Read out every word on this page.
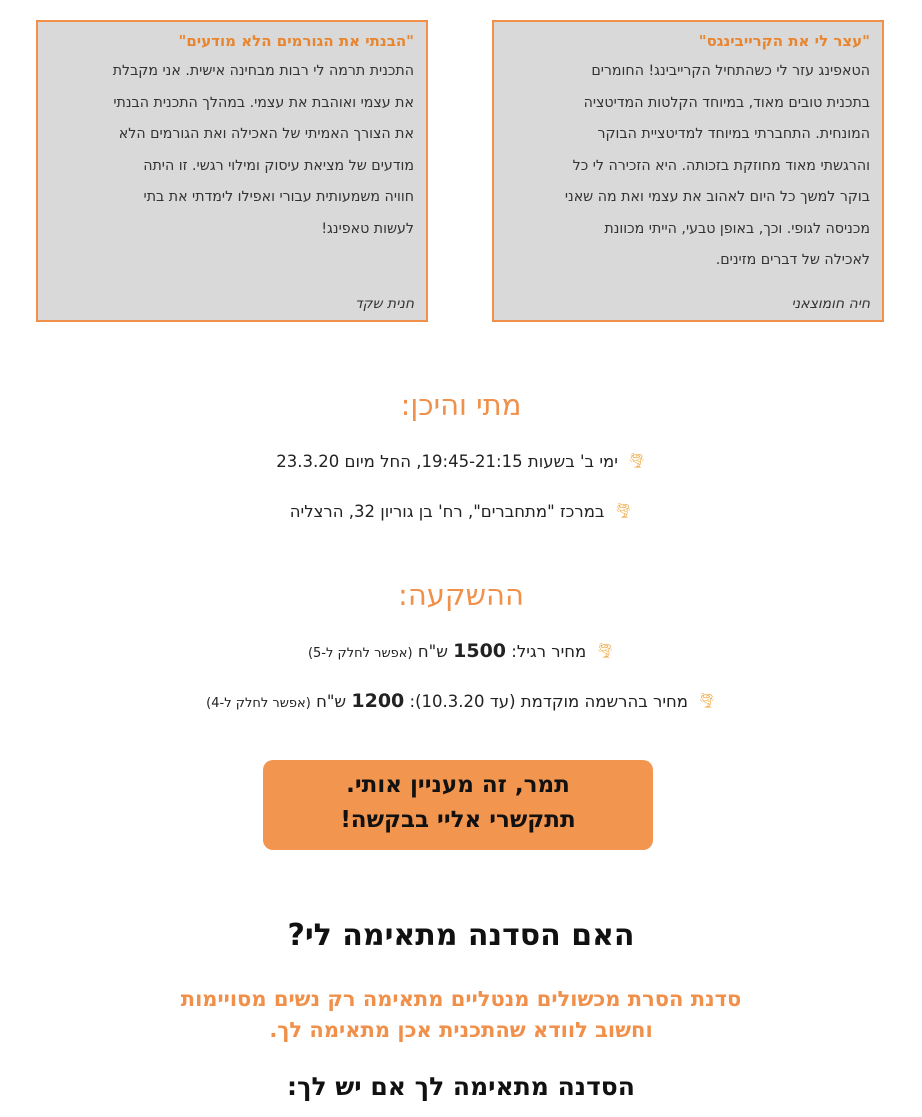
"עצר לי את הקרייבינגס"

הטאפינג עזר לי כשהתחיל הקרייבינג! החומרים
בתכנית טובים מאוד, במיוחד הקלטות המדיטציה
המונחית. התחברתי במיוחד למדיטציית הבוקר
והרגשתי מאוד מחוזקת בזכותה. היא הזכירה לי כל
בוקר למשך כל היום לאהוב את עצמי ואת מה שאני
מכניסה לגופי. וכך, באופן טבעי, הייתי מכוונת
לאכילה של דברים מזינים.

חיה חומוצאני
"הבנתי את הגורמים הלא מודעים"

התכנית תרמה לי רבות מבחינה אישית. אני מקבלת
את עצמי ואוהבת את עצמי. במהלך התכנית הבנתי
את הצורך האמיתי של האכילה ואת הגורמים הלא
מודעים של מציאת עיסוק ומילוי רגשי. זו היתה
חוויה משמעותית עבורי ואפילו לימדתי את בתי
לעשות טאפינג!

חנית שקד
מתי והיכן:
🌪ימי ב' בשעות 19:45-21:15, החל מיום 23.3.20
🌪במרכז "מתחברים", רח' בן גוריון 32, הרצליה
ההשקעה:
🌪מחיר רגיל: 1500 ש"ח (אפשר לחלק ל-5)
🌪מחיר בהרשמה מוקדמת (עד 10.3.20): 1200 ש"ח (אפשר לחלק ל-4)
תמר, זה מעניין אותי.
תתקשרי אליי בבקשה!
האם הסדנה מתאימה לי?
סדנת הסרת מכשולים מנטליים מתאימה רק נשים מסויימות
וחשוב לוודא שהתכנית אכן מתאימה לך.
הסדנה מתאימה לך אם יש לך:
